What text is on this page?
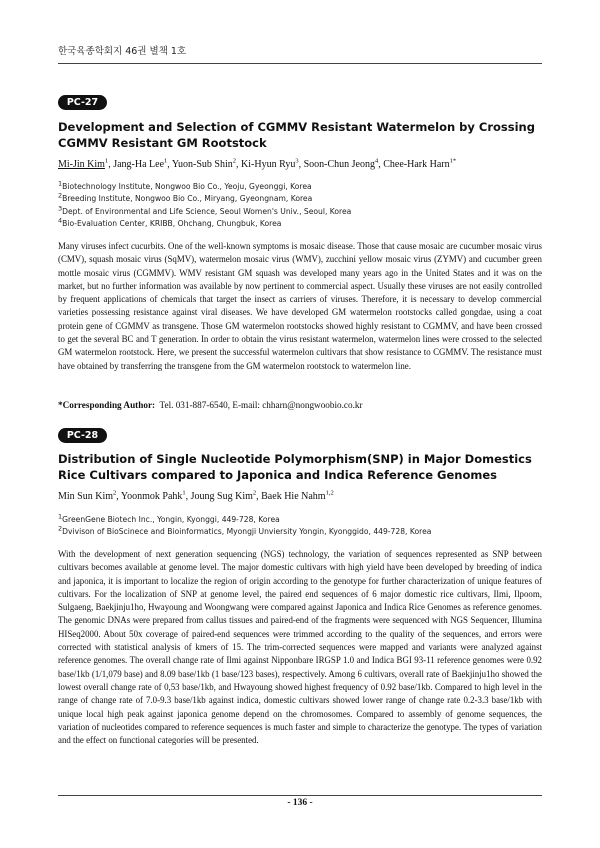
한국육종학회지 46권 별책 1호
PC-27
Development and Selection of CGMMV Resistant Watermelon by Crossing CGMMV Resistant GM Rootstock
Mi-Jin Kim$^1$, Jang-Ha Lee$^1$, Yuon-Sub Shin$^2$, Ki-Hyun Ryu$^3$, Soon-Chun Jeong$^4$, Chee-Hark Harn$^{1*}$
$^1$Biotechnology Institute, Nongwoo Bio Co., Yeoju, Gyeonggi, Korea
$^2$Breeding Institute, Nongwoo Bio Co., Miryang, Gyeongnam, Korea
$^3$Dept. of Environmental and Life Science, Seoul Women's Univ., Seoul, Korea
$^4$Bio-Evaluation Center, KRIBB, Ohchang, Chungbuk, Korea
Many viruses infect cucurbits. One of the well-known symptoms is mosaic disease. Those that cause mosaic are cucumber mosaic virus (CMV), squash mosaic virus (SqMV), watermelon mosaic virus (WMV), zucchini yellow mosaic virus (ZYMV) and cucumber green mottle mosaic virus (CGMMV). WMV resistant GM squash was developed many years ago in the United States and it was on the market, but no further information was available by now pertinent to commercial aspect. Usually these viruses are not easily controlled by frequent applications of chemicals that target the insect as carriers of viruses. Therefore, it is necessary to develop commercial varieties possessing resistance against viral diseases. We have developed GM watermelon rootstocks called gongdae, using a coat protein gene of CGMMV as transgene. Those GM watermelon rootstocks showed highly resistant to CGMMV, and have been crossed to get the several BC and T generation. In order to obtain the virus resistant watermelon, watermelon lines were crossed to the selected GM watermelon rootstock. Here, we present the successful watermelon cultivars that show resistance to CGMMV. The resistance must have obtained by transferring the transgene from the GM watermelon rootstock to watermelon line.
*Corresponding Author: Tel. 031-887-6540, E-mail: chharn@nongwoobio.co.kr
PC-28
Distribution of Single Nucleotide Polymorphism(SNP) in Major Domestics Rice Cultivars compared to Japonica and Indica Reference Genomes
Min Sun Kim$^2$, Yoonmok Pahk$^1$, Joung Sug Kim$^2$, Baek Hie Nahm$^{1,2}$
$^1$GreenGene Biotech Inc., Yongin, Kyonggi, 449-728, Korea
$^2$Dvivison of BioScinece and Bioinformatics, Myongji Unviersity Yongin, Kyonggido, 449-728, Korea
With the development of next generation sequencing (NGS) technology, the variation of sequences represented as SNP between cultivars becomes available at genome level. The major domestic cultivars with high yield have been developed by breeding of indica and japonica, it is important to localize the region of origin according to the genotype for further characterization of unique features of cultivars. For the localization of SNP at genome level, the paired end sequences of 6 major domestic rice cultivars, Ilmi, Ilpoom, Sulgaeng, Baekjinju1ho, Hwayoung and Woongwang were compared against Japonica and Indica Rice Genomes as reference genomes. The genomic DNAs were prepared from callus tissues and paired-end of the fragments were sequenced with NGS Sequencer, Illumina HISeq2000. About 50x coverage of paired-end sequences were trimmed according to the quality of the sequences, and errors were corrected with statistical analysis of kmers of 15. The trim-corrected sequences were mapped and variants were analyzed against reference genomes. The overall change rate of Ilmi against Nipponbare IRGSP 1.0 and Indica BGI 93-11 reference genomes were 0.92 base/1kb (1/1,079 base) and 8.09 base/1kb (1 base/123 bases), respectively. Among 6 cultivars, overall rate of Baekjinju1ho showed the lowest overall change rate of 0,53 base/1kb, and Hwayoung showed highest frequency of 0.92 base/1kb. Compared to high level in the range of change rate of 7.0-9.3 base/1kb against indica, domestic cultivars showed lower range of change rate 0.2-3.3 base/1kb with unique local high peak against japonica genome depend on the chromosomes. Compared to assembly of genome sequences, the variation of nucleotides compared to reference sequences is much faster and simple to characterize the genotype. The types of variation and the effect on functional categories will be presented.
- 136 -
